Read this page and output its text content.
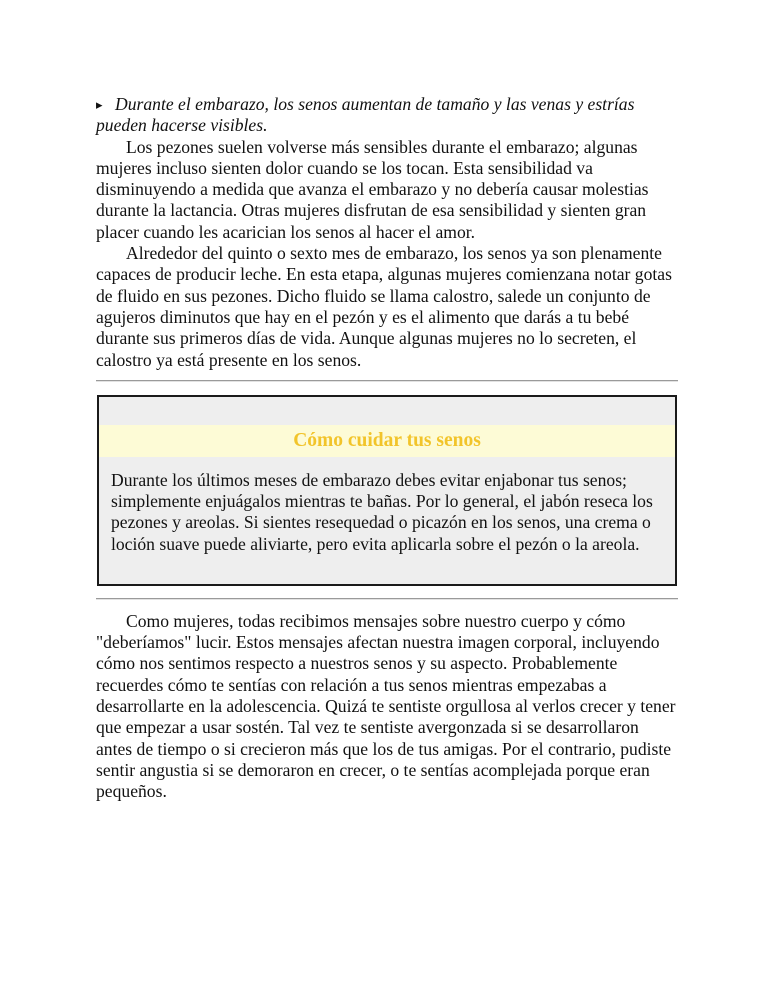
▸ Durante el embarazo, los senos aumentan de tamaño y las venas y estrías pueden hacerse visibles.

Los pezones suelen volverse más sensibles durante el embarazo; algunas mujeres incluso sienten dolor cuando se los tocan. Esta sensibilidad va disminuyendo a medida que avanza el embarazo y no debería causar molestias durante la lactancia. Otras mujeres disfrutan de esa sensibilidad y sienten gran placer cuando les acarician los senos al hacer el amor.

Alrededor del quinto o sexto mes de embarazo, los senos ya son plenamente capaces de producir leche. En esta etapa, algunas mujeres comienzana notar gotas de fluido en sus pezones. Dicho fluido se llama calostro, salede un conjunto de agujeros diminutos que hay en el pezón y es el alimento que darás a tu bebé durante sus primeros días de vida. Aunque algunas mujeres no lo secreten, el calostro ya está presente en los senos.

Cómo cuidar tus senos

Durante los últimos meses de embarazo debes evitar enjabonar tus senos; simplemente enjuágalos mientras te bañas. Por lo general, el jabón reseca los pezones y areolas. Si sientes resequedad o picazón en los senos, una crema o loción suave puede aliviarte, pero evita aplicarla sobre el pezón o la areola.

Como mujeres, todas recibimos mensajes sobre nuestro cuerpo y cómo "deberíamos" lucir. Estos mensajes afectan nuestra imagen corporal, incluyendo cómo nos sentimos respecto a nuestros senos y su aspecto. Probablemente recuerdes cómo te sentías con relación a tus senos mientras empezabas a desarrollarte en la adolescencia. Quizá te sentiste orgullosa al verlos crecer y tener que empezar a usar sostén. Tal vez te sentiste avergonzada si se desarrollaron antes de tiempo o si crecieron más que los de tus amigas. Por el contrario, pudiste sentir angustia si se demoraron en crecer, o te sentías acomplejada porque eran pequeños.
